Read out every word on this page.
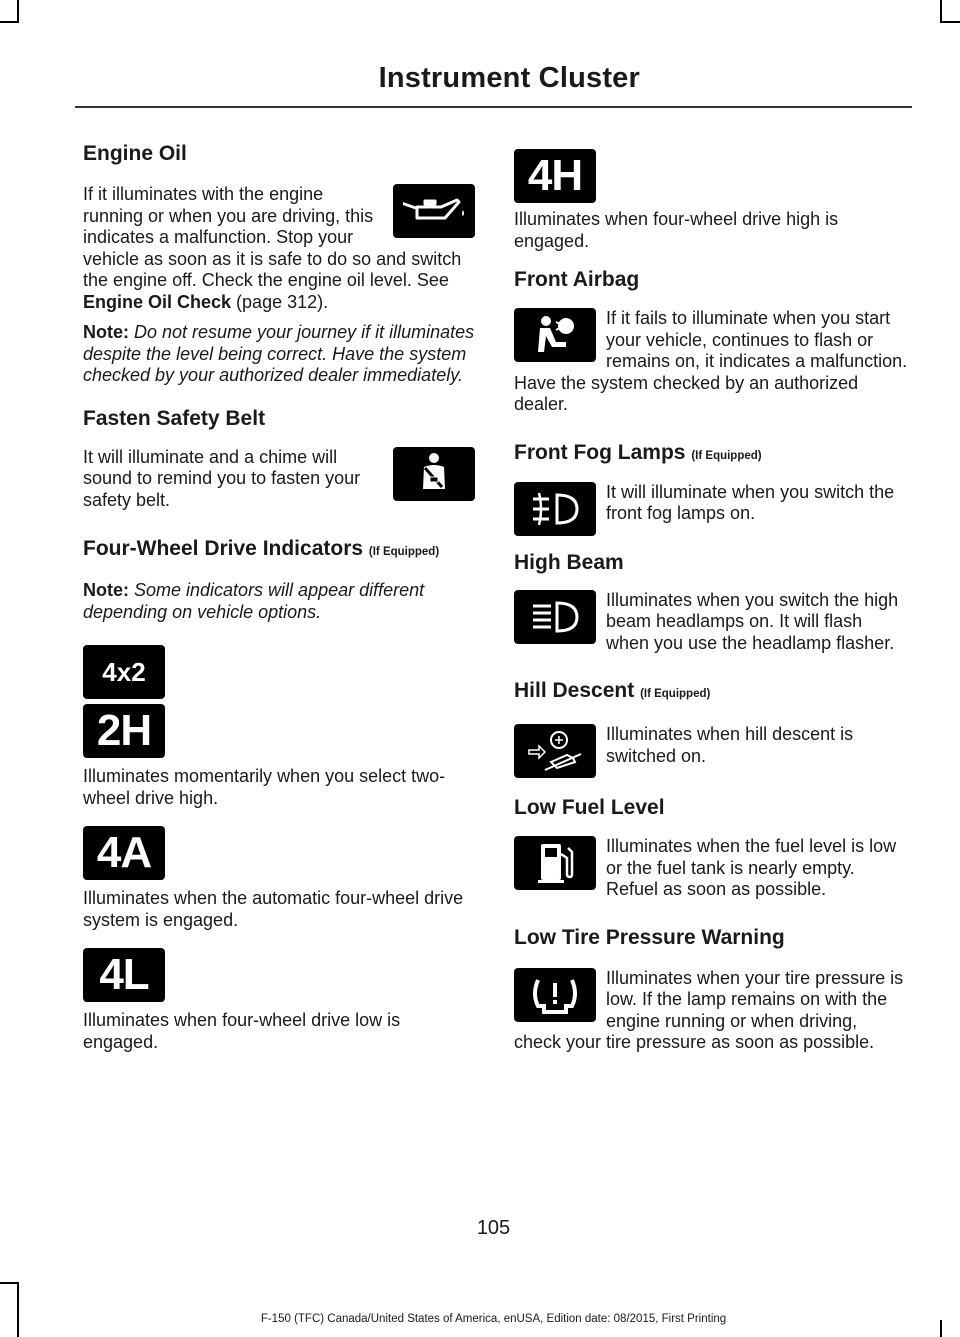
Instrument Cluster
Engine Oil

If it illuminates with the engine running or when you are driving, this indicates a malfunction. Stop your vehicle as soon as it is safe to do so and switch the engine off. Check the engine oil level. See Engine Oil Check (page 312).

Note: Do not resume your journey if it illuminates despite the level being correct. Have the system checked by your authorized dealer immediately.

Fasten Safety Belt

It will illuminate and a chime will sound to remind you to fasten your safety belt.

Four-Wheel Drive Indicators (If Equipped)

Note: Some indicators will appear different depending on vehicle options.

4x2
2H

Illuminates momentarily when you select two-wheel drive high.

4A

Illuminates when the automatic four-wheel drive system is engaged.

4L

Illuminates when four-wheel drive low is engaged.

4H

Illuminates when four-wheel drive high is engaged.

Front Airbag

If it fails to illuminate when you start your vehicle, continues to flash or remains on, it indicates a malfunction. Have the system checked by an authorized dealer.

Front Fog Lamps (If Equipped)

It will illuminate when you switch the front fog lamps on.

High Beam

Illuminates when you switch the high beam headlamps on. It will flash when you use the headlamp flasher.

Hill Descent (If Equipped)

Illuminates when hill descent is switched on.

Low Fuel Level

Illuminates when the fuel level is low or the fuel tank is nearly empty. Refuel as soon as possible.

Low Tire Pressure Warning

Illuminates when your tire pressure is low. If the lamp remains on with the engine running or when driving, check your tire pressure as soon as possible.

105
F-150 (TFC) Canada/United States of America, enUSA, Edition date: 08/2015, First Printing
